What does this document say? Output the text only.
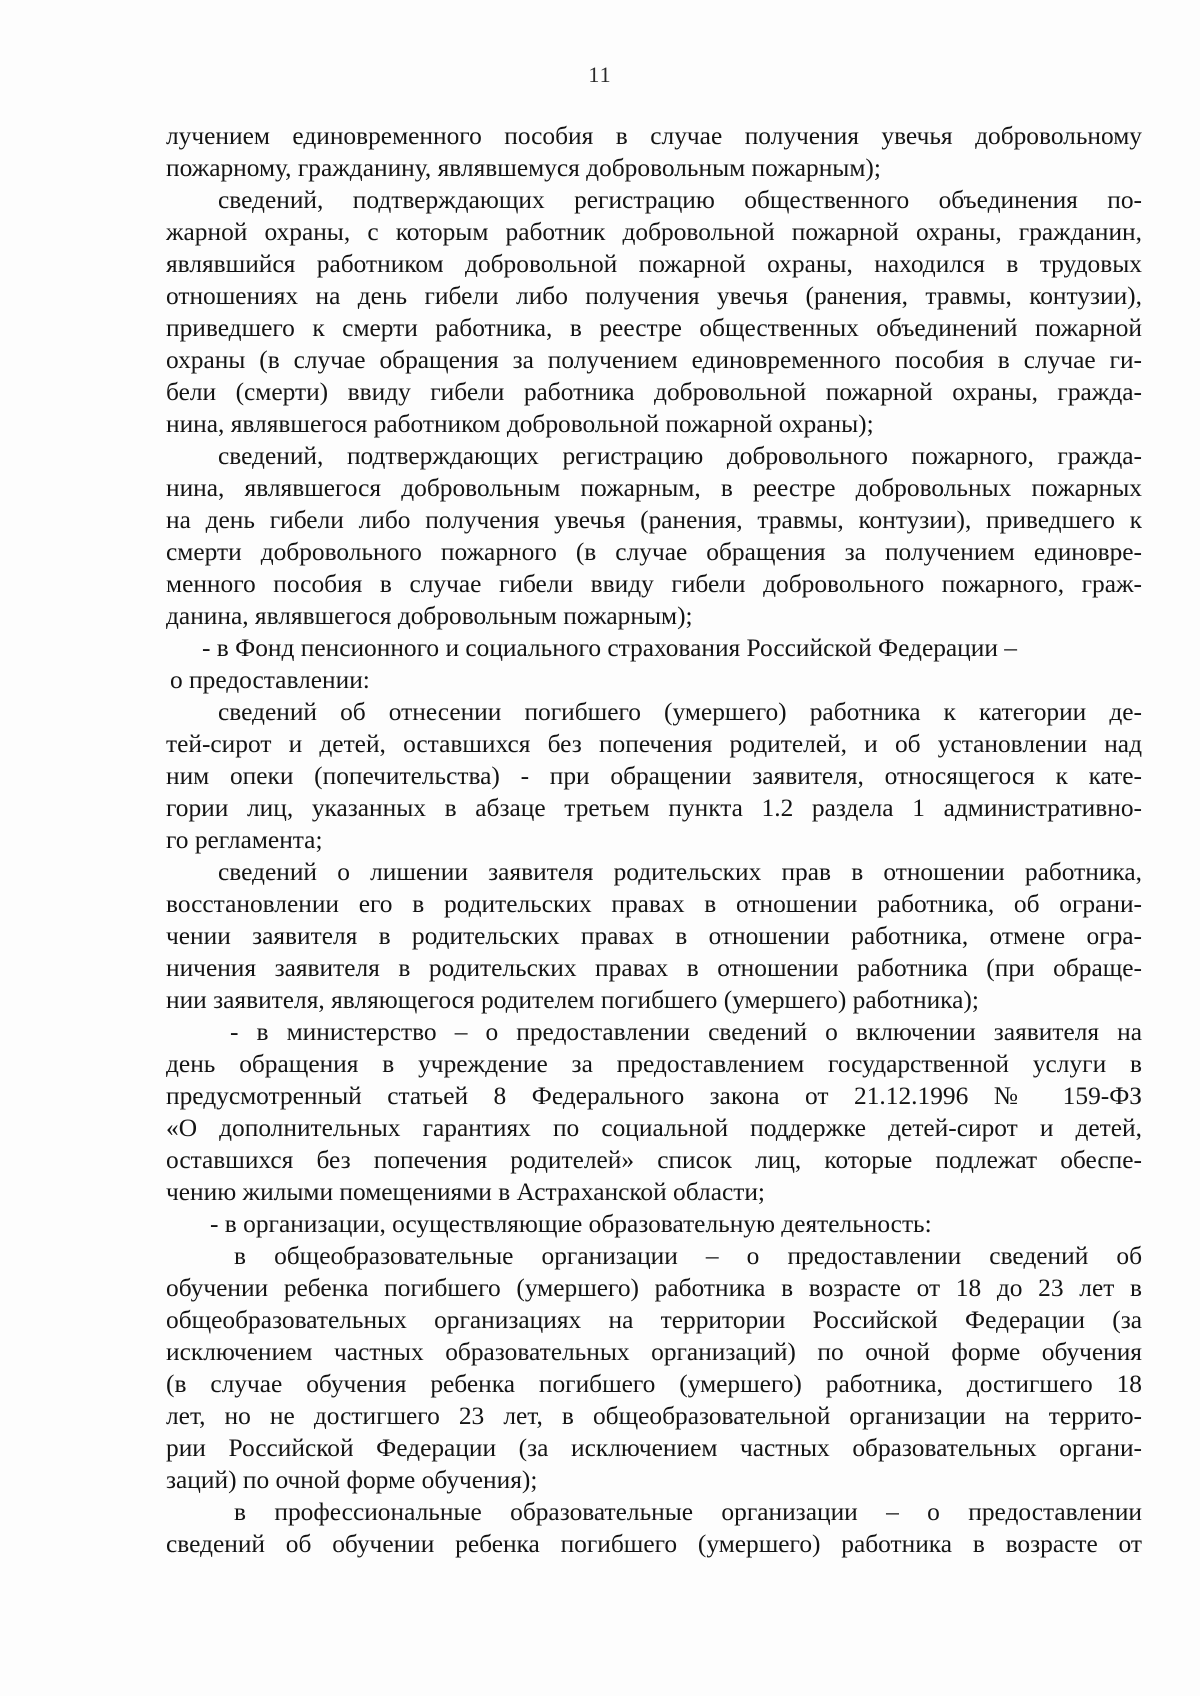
11
лучением единовременного пособия в случае получения увечья добровольному
пожарному, гражданину, являвшемуся добровольным пожарным);
сведений, подтверждающих регистрацию общественного объединения по-
жарной охраны, с которым работник добровольной пожарной охраны, гражданин,
являвшийся работником добровольной пожарной охраны, находился в трудовых
отношениях на день гибели либо получения увечья (ранения, травмы, контузии),
приведшего к смерти работника, в реестре общественных объединений пожарной
охраны (в случае обращения за получением единовременного пособия в случае ги-
бели (смерти) ввиду гибели работника добровольной пожарной охраны, гражда-
нина, являвшегося работником добровольной пожарной охраны);
сведений, подтверждающих регистрацию добровольного пожарного, гражда-
нина, являвшегося добровольным пожарным, в реестре добровольных пожарных
на день гибели либо получения увечья (ранения, травмы, контузии), приведшего к
смерти добровольного пожарного (в случае обращения за получением единовре-
менного пособия в случае гибели ввиду гибели добровольного пожарного, граж-
данина, являвшегося добровольным пожарным);
- в Фонд пенсионного и социального страхования Российской Федерации –
о предоставлении:
сведений об отнесении погибшего (умершего) работника к категории де-
тей-сирот и детей, оставшихся без попечения родителей, и об установлении над
ним опеки (попечительства) - при обращении заявителя, относящегося к кате-
гории лиц, указанных в абзаце третьем пункта 1.2 раздела 1 административно-
го регламента;
сведений о лишении заявителя родительских прав в отношении работника,
восстановлении его в родительских правах в отношении работника, об ограни-
чении заявителя в родительских правах в отношении работника, отмене огра-
ничения заявителя в родительских правах в отношении работника (при обраще-
нии заявителя, являющегося родителем погибшего (умершего) работника);
- в министерство – о предоставлении сведений о включении заявителя на
день обращения в учреждение за предоставлением государственной услуги в
предусмотренный статьей 8 Федерального закона от 21.12.1996 № 159-ФЗ
«О дополнительных гарантиях по социальной поддержке детей-сирот и детей,
оставшихся без попечения родителей» список лиц, которые подлежат обеспе-
чению жилыми помещениями в Астраханской области;
- в организации, осуществляющие образовательную деятельность:
в общеобразовательные организации – о предоставлении сведений об
обучении ребенка погибшего (умершего) работника в возрасте от 18 до 23 лет в
общеобразовательных организациях на территории Российской Федерации (за
исключением частных образовательных организаций) по очной форме обучения
(в случае обучения ребенка погибшего (умершего) работника, достигшего 18
лет, но не достигшего 23 лет, в общеобразовательной организации на террито-
рии Российской Федерации (за исключением частных образовательных органи-
заций) по очной форме обучения);
в профессиональные образовательные организации – о предоставлении
сведений об обучении ребенка погибшего (умершего) работника в возрасте от
